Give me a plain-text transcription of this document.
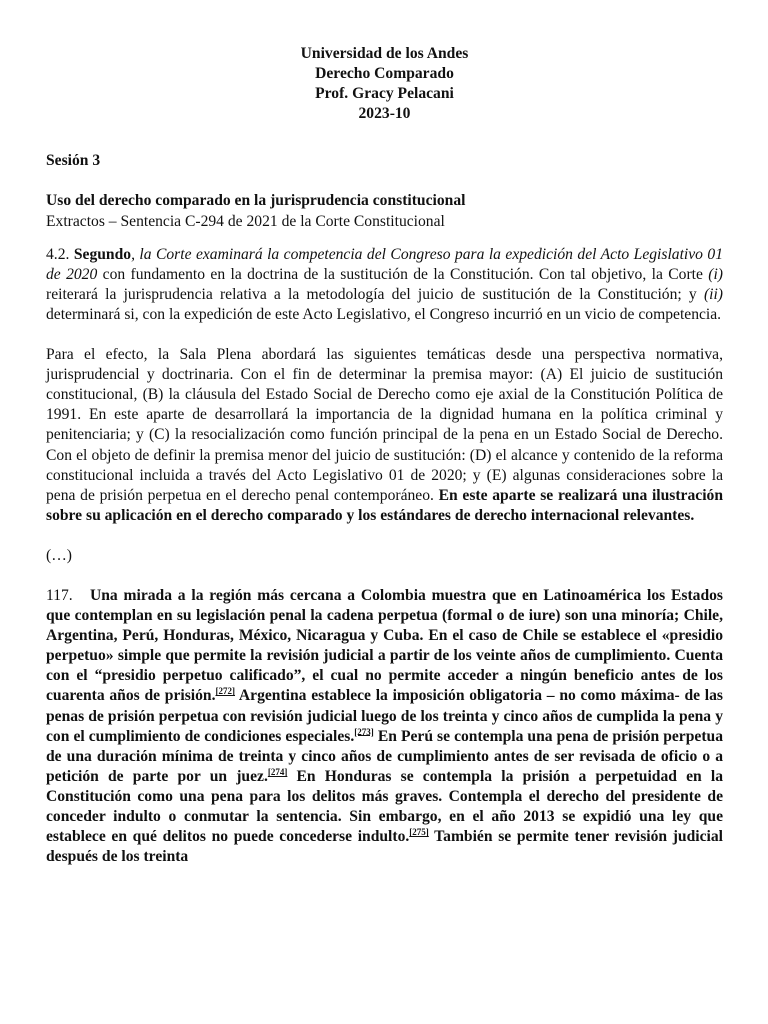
Universidad de los Andes
Derecho Comparado
Prof. Gracy Pelacani
2023-10
Sesión 3
Uso del derecho comparado en la jurisprudencia constitucional
Extractos – Sentencia C-294 de 2021 de la Corte Constitucional
4.2. Segundo, la Corte examinará la competencia del Congreso para la expedición del Acto Legislativo 01 de 2020 con fundamento en la doctrina de la sustitución de la Constitución. Con tal objetivo, la Corte (i) reiterará la jurisprudencia relativa a la metodología del juicio de sustitución de la Constitución; y (ii) determinará si, con la expedición de este Acto Legislativo, el Congreso incurrió en un vicio de competencia.
Para el efecto, la Sala Plena abordará las siguientes temáticas desde una perspectiva normativa, jurisprudencial y doctrinaria. Con el fin de determinar la premisa mayor: (A) El juicio de sustitución constitucional, (B) la cláusula del Estado Social de Derecho como eje axial de la Constitución Política de 1991. En este aparte de desarrollará la importancia de la dignidad humana en la política criminal y penitenciaria; y (C) la resocialización como función principal de la pena en un Estado Social de Derecho. Con el objeto de definir la premisa menor del juicio de sustitución: (D) el alcance y contenido de la reforma constitucional incluida a través del Acto Legislativo 01 de 2020; y (E) algunas consideraciones sobre la pena de prisión perpetua en el derecho penal contemporáneo. En este aparte se realizará una ilustración sobre su aplicación en el derecho comparado y los estándares de derecho internacional relevantes.
(…)
117. Una mirada a la región más cercana a Colombia muestra que en Latinoamérica los Estados que contemplan en su legislación penal la cadena perpetua (formal o de iure) son una minoría; Chile, Argentina, Perú, Honduras, México, Nicaragua y Cuba. En el caso de Chile se establece el «presidio perpetuo» simple que permite la revisión judicial a partir de los veinte años de cumplimiento. Cuenta con el “presidio perpetuo calificado”, el cual no permite acceder a ningún beneficio antes de los cuarenta años de prisión.[272] Argentina establece la imposición obligatoria – no como máxima- de las penas de prisión perpetua con revisión judicial luego de los treinta y cinco años de cumplida la pena y con el cumplimiento de condiciones especiales.[273] En Perú se contempla una pena de prisión perpetua de una duración mínima de treinta y cinco años de cumplimiento antes de ser revisada de oficio o a petición de parte por un juez.[274] En Honduras se contempla la prisión a perpetuidad en la Constitución como una pena para los delitos más graves. Contempla el derecho del presidente de conceder indulto o conmutar la sentencia. Sin embargo, en el año 2013 se expidió una ley que establece en qué delitos no puede concederse indulto.[275] También se permite tener revisión judicial después de los treinta
